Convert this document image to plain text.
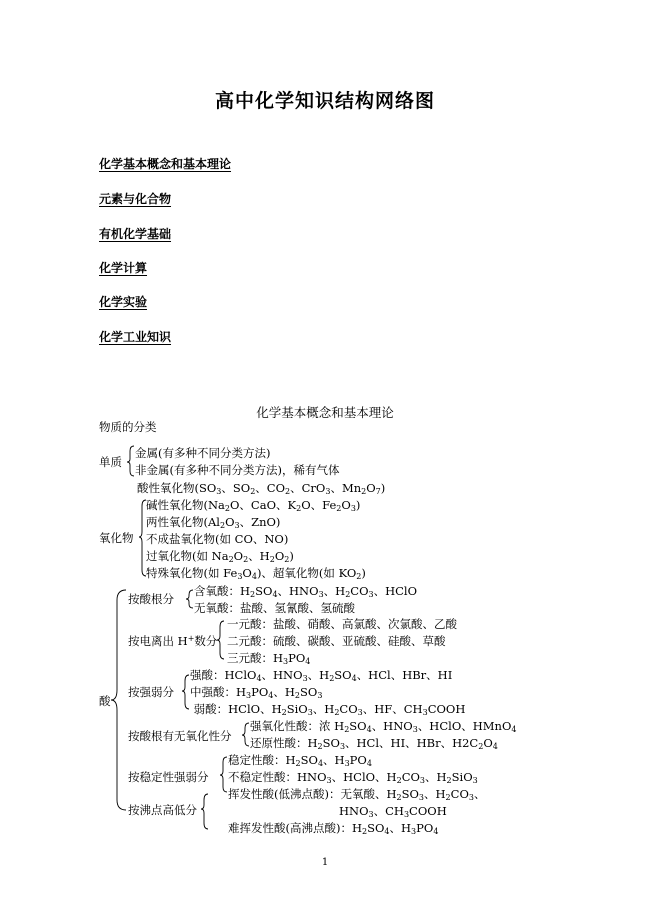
高中化学知识结构网络图
化学基本概念和基本理论
元素与化合物
有机化学基础
化学计算
化学实验
化学工业知识
化学基本概念和基本理论
物质的分类
单质
金属(有多种不同分类方法)
非金属(有多种不同分类方法)，稀有气体
酸性氧化物($SO_3$、$SO_2$、$CO_2$、CrO$_3$、$Mn_2O_7$)
氧化物
碱性氧化物($Na_2O$、CaO、$K_2O$、$Fe_2O_3$)
两性氧化物($Al_2O_3$、ZnO)
不成盐氧化物(如 CO、NO)
过氧化物(如 $Na_2O_2$、$H_2O_2$)
特殊氧化物(如 $Fe_3O_4$)、超氧化物(如 $KO_2$)
酸
按酸根分
含氧酸：$H_2SO_4$、$HNO_3$、$H_2CO_3$、HClO
无氧酸：盐酸、氢氰酸、氢硫酸
按电离出 H+数分
一元酸：盐酸、硝酸、高氯酸、次氯酸、乙酸
二元酸：硫酸、碳酸、亚硫酸、硅酸、草酸
三元酸：$H_3PO_4$
按强弱分
强酸：HClO$_4$、$HNO_3$、$H_2SO_4$、HCl、HBr、HI
中强酸：$H_3PO_4$、$H_2SO_3$
弱酸：HClO、$H_2SiO_3$、$H_2CO_3$、HF、$CH_3COOH$
按酸根有无氧化性分
强氧化性酸：浓 $H_2SO_4$、$HNO_3$、HClO、HMnO$_4$
还原性酸：$H_2SO_3$、HCl、HI、HBr、$H2C_2O_4$
按稳定性强弱分
稳定性酸：$H_2SO_4$、$H_3PO_4$
不稳定性酸：$HNO_3$、HClO、$H_2CO_3$、$H_2SiO_3$
按沸点高低分
挥发性酸(低沸点酸)：无氧酸、$H_2SO_3$、$H_2CO_3$、
$HNO_3$、$CH_3COOH$
难挥发性酸(高沸点酸)：$H_2SO_4$、$H_3PO_4$
1
